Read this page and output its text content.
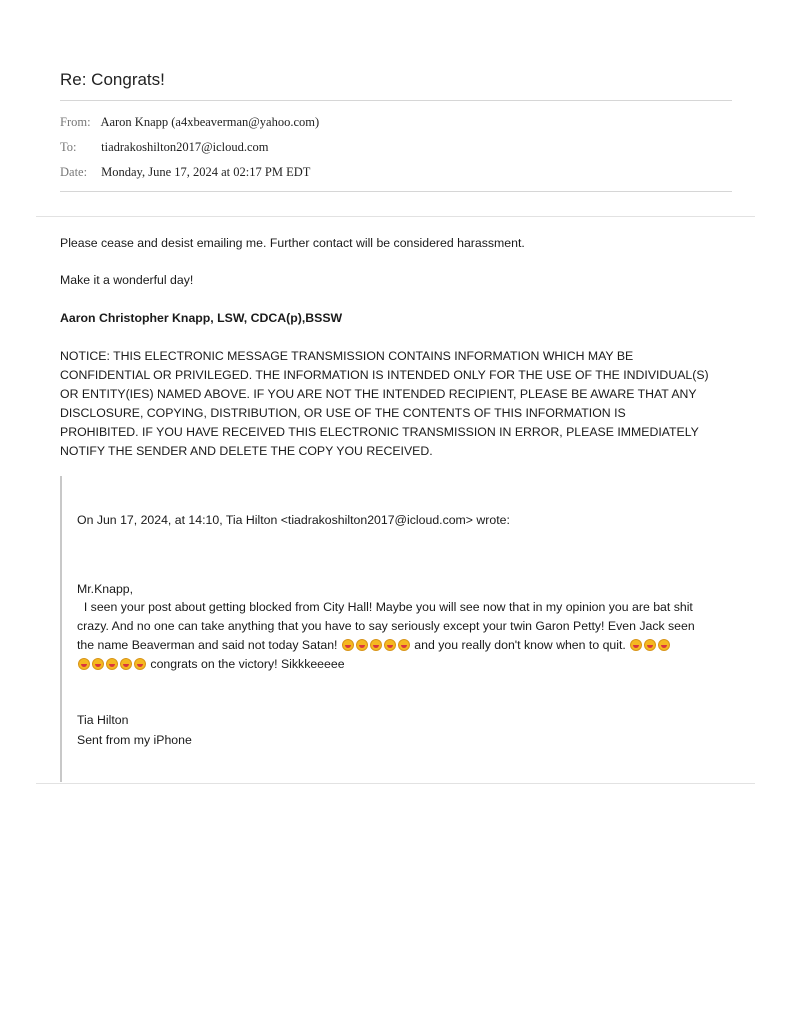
Re: Congrats!
From: Aaron Knapp (a4xbeaverman@yahoo.com)
To: tiadrakoshilton2017@icloud.com
Date: Monday, June 17, 2024 at 02:17 PM EDT
Please cease and desist emailing me. Further contact will be considered harassment.
Make it a wonderful day!
Aaron Christopher Knapp, LSW, CDCA(p),BSSW
NOTICE: THIS ELECTRONIC MESSAGE TRANSMISSION CONTAINS INFORMATION WHICH MAY BE
CONFIDENTIAL OR PRIVILEGED. THE INFORMATION IS INTENDED ONLY FOR THE USE OF THE INDIVIDUAL(S)
OR ENTITY(IES) NAMED ABOVE. IF YOU ARE NOT THE INTENDED RECIPIENT, PLEASE BE AWARE THAT ANY
DISCLOSURE, COPYING, DISTRIBUTION, OR USE OF THE CONTENTS OF THIS INFORMATION IS
PROHIBITED. IF YOU HAVE RECEIVED THIS ELECTRONIC TRANSMISSION IN ERROR, PLEASE IMMEDIATELY
NOTIFY THE SENDER AND DELETE THE COPY YOU RECEIVED.
On Jun 17, 2024, at 14:10, Tia Hilton <tiadrakoshilton2017@icloud.com> wrote:
Mr.Knapp,
I seen your post about getting blocked from City Hall! Maybe you will see now that in my opinion you are bat shit
crazy. And no one can take anything that you have to say seriously except your twin Garon Petty! Even Jack seen
the name Beaverman and said not today Satan!	and you really don't know when to quit.
congrats on the victory! Sikkkeeeee
Tia Hilton
Sent from my iPhone
